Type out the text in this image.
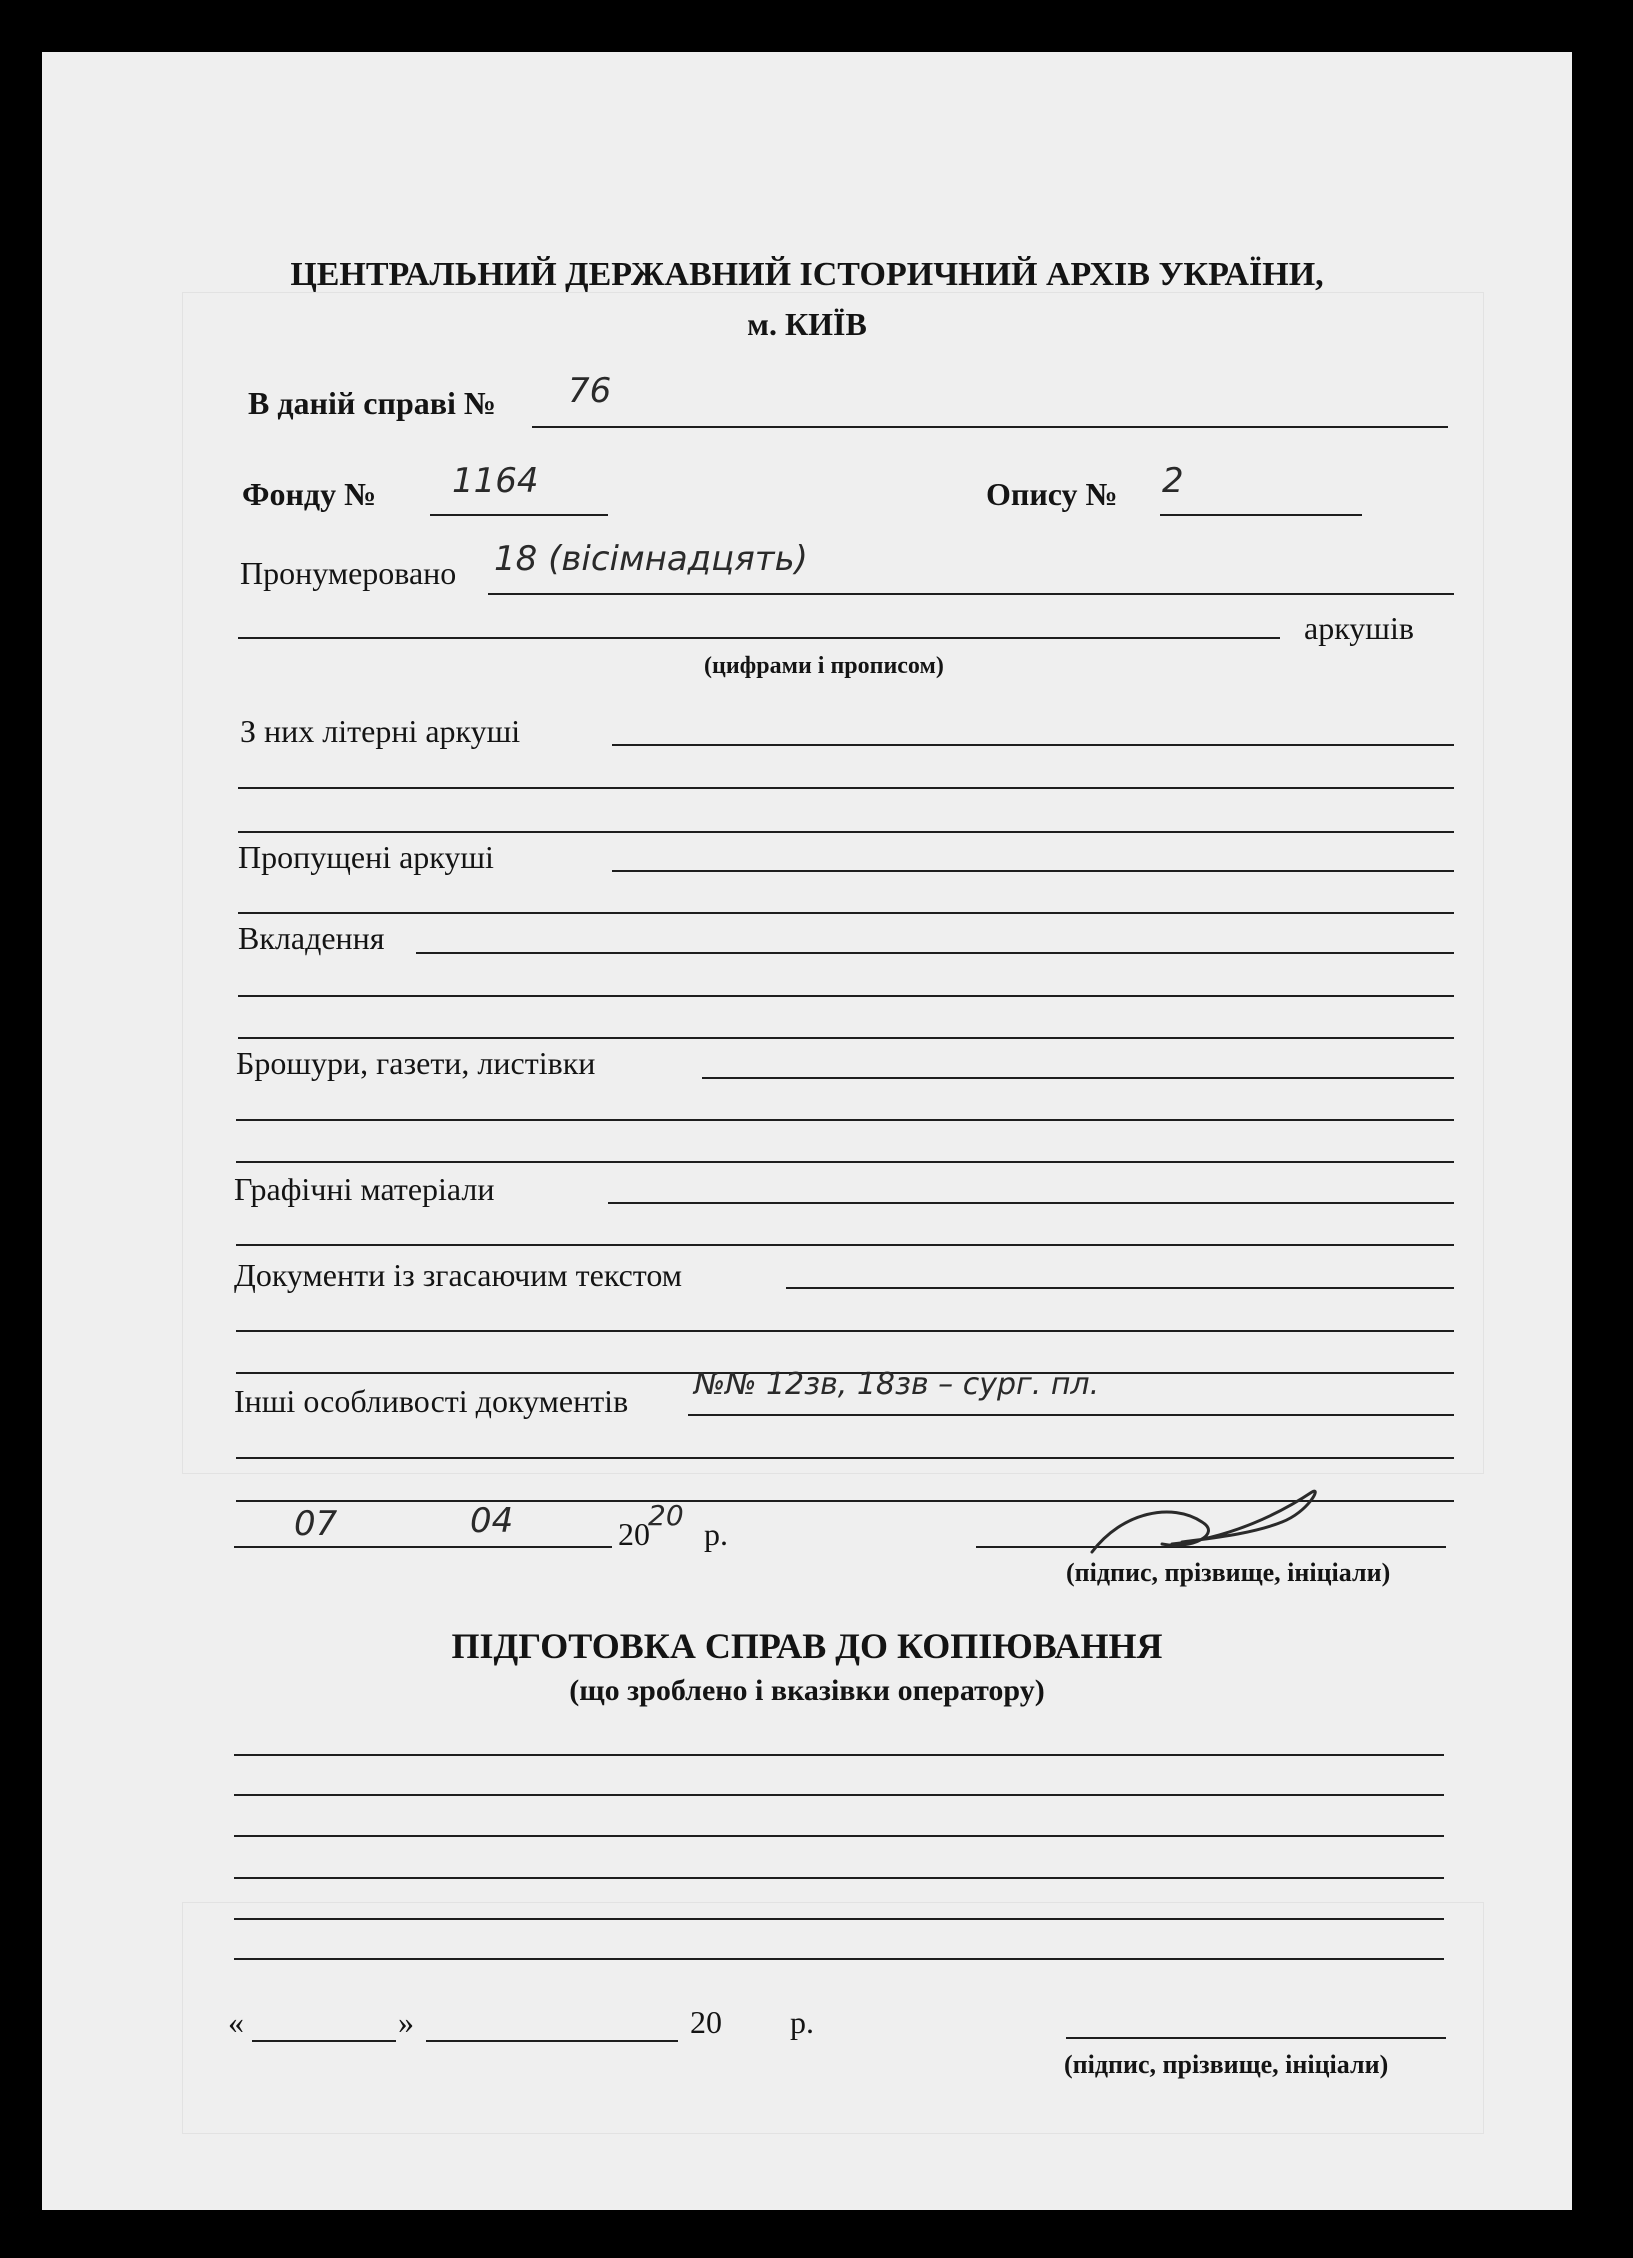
ЦЕНТРАЛЬНИЙ ДЕРЖАВНИЙ ІСТОРИЧНИЙ АРХІВ УКРАЇНИ,
м. КИЇВ
В даній справі № 76
Фонду № 1164	Опису № 2
Пронумеровано 18 (вісімнадцять)
аркушів
(цифрами і прописом)
З них літерні аркуші
Пропущені аркуші
Вкладення
Брошури, газети, листівки
Графічні матеріали
Документи із згасаючим текстом
Інші особливості документів №№ 12зв, 18зв – сург. пл.
07	04	20
20
р.
(підпис, прізвище, ініціали)
ПІДГОТОВКА СПРАВ ДО КОПІЮВАННЯ
(що зроблено і вказівки оператору)
«	»	20 р.
(підпис, прізвище, ініціали)
